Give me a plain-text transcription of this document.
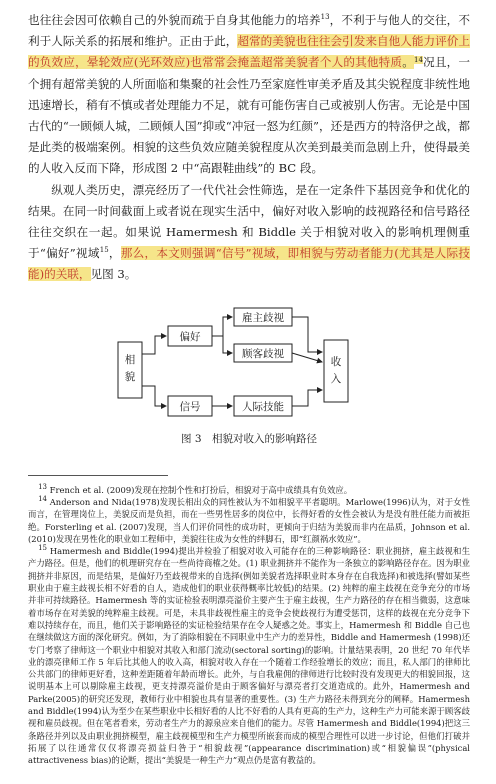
也往往会因可依赖自己的外貌而疏于自身其他能力的培养$^{13}$，不利于与他人的交往，不利于人际关系的拓展和维护。正由于此，超常的美貌也往往会引发来自他人能力评价上的负效应，晕轮效应(光环效应)也常常会掩盖超常美貌者个人的其他特质。$^{14}$况且，一个拥有超常美貌的人所面临和集聚的社会性乃至家庭性审美矛盾及其尖锐程度非统性地迅速增长，稍有不慎或者处理能力不足，就有可能伤害自己或被别人伤害。无论是中国古代的“一顾倾人城，二顾倾人国”抑或“冲冠一怒为红颜”，还是西方的特洛伊之战，都是此类的极端案例。相貌的这些负效应随美貌程度从次美到最美而急剧上升，使得最美的人收入反而下降，形成图 2 中“高跟鞋曲线”的 BC 段。

纵观人类历史，漂亮经历了一代代社会性筛选，是在一定条件下基因竞争和优化的结果。在同一时间截面上或者说在现实生活中，偏好对收入影响的歧视路径和信号路径往往交织在一起。如果说 Hamermesh 和 Biddle 关于相貌对收入的影响机理侧重于“偏好”视域$^{15}$，那么，本文则强调“信号”视域，即相貌与劳动者能力(尤其是人际技能)的关联，见图 3。

相
貌
偏好
信号
雇主歧视
顾客歧视
人际技能
收
入
图 3　相貌对收入的影响路径

$^{13}$ French et al. (2009)发现在控制个性和打扮后，相貌对于高中成绩具有负效应。

$^{14}$ Anderson and Nida(1978)发现长相出众的同性被认为不如相貌平平者聪明。Marlowe(1996)认为，对于女性而言，在管理岗位上，美貌反而是负担，而在一些男性居多的岗位中，长得好看的女性会被认为是没有胜任能力而被拒绝。Forsterling et al. (2007)发现，当人们评价同性的成功时，更倾向于归结为美貌而非内在品质，Johnson et al. (2010)发现在男性化的职业如工程师中，美貌往往成为女性的绊脚石，即“红颜祸水效应”。

$^{15}$ Hamermesh and Biddle(1994)提出并检验了相貌对收入可能存在的三种影响路径：职业拥挤，雇主歧视和生产力路径。但是，他们的机理研究存在一些尚待商榷之处。(1) 职业拥挤并不能作为一条独立的影响路径存在。因为职业拥挤并非原因，而是结果，是偏好乃至歧视带来的自选择(例如美貌者选择职业时本身存在自我选择)和被选择(譬如某些职业由于雇主歧视长相不好看的自人，造成他们的职业获得概率比较低)的结果。(2) 纯粹的雇主歧视在竞争充分的市场并非可持续路径。Hamermesh 等的实证检验表明漂亮溢价主要产生于雇主歧视，生产力路径的存在相当微弱，这意味着市场存在对美貌的纯粹雇主歧视。可是，未具非歧视性雇主的竞争会使歧视行为遭受惩罚，这样的歧视在充分竞争下难以持续存在，而且，他们关于影响路径的实证检验结果存在令人疑惑之处。事实上，Hamermesh 和 Biddle 自己也在继续做这方面的深化研究。例如，为了消除相貌在不同职业中生产力的差异性，Biddle and Hamermesh (1998)还专门考察了律师这一个职业中相貌对其收入和部门流动(sectoral sorting)的影响。计量结果表明，20 世纪 70 年代毕业的漂亮律师工作 5 年后比其他人的收入高，相貌对收入存在一个随着工作经验增长的效应；而且，私人部门的律师比公共部门的律师更好看，这种差距随着年龄而增长。此外，与自我雇佣的律师进行比较时没有发现更大的相貌回报，这说明基本上可以剔除雇主歧视，更支持漂亮溢价是由于顾客偏好与漂亮者打交道造成的。此外，Hamermesh and Parke(2005)的研究还发现，教师行业中相貌也具有显著的重要性。(3) 生产力路径未得到充分的阐释。Hamermesh and Biddle(1994)认为至少在某些职业中长相好看的人比不好看的人具有更高的生产力，这种生产力可能来源于顾客歧视和雇员歧视。但在笔者看来，劳动者生产力的源泉应来自他们的能力。尽管 Hamermesh and Biddle(1994)把这三条路径并列以及由职业拥挤模型，雇主歧视模型和生产力模型所嵌套而成的模型合理性可以进一步讨论，但他们打破并拓展了以往通常仅仅将漂亮损益归咎于“相貌歧视”(appearance discrimination)或“相貌偏误”(physical attractiveness bias)的论断，提出“美貌是一种生产力”观点仍是富有教益的。
